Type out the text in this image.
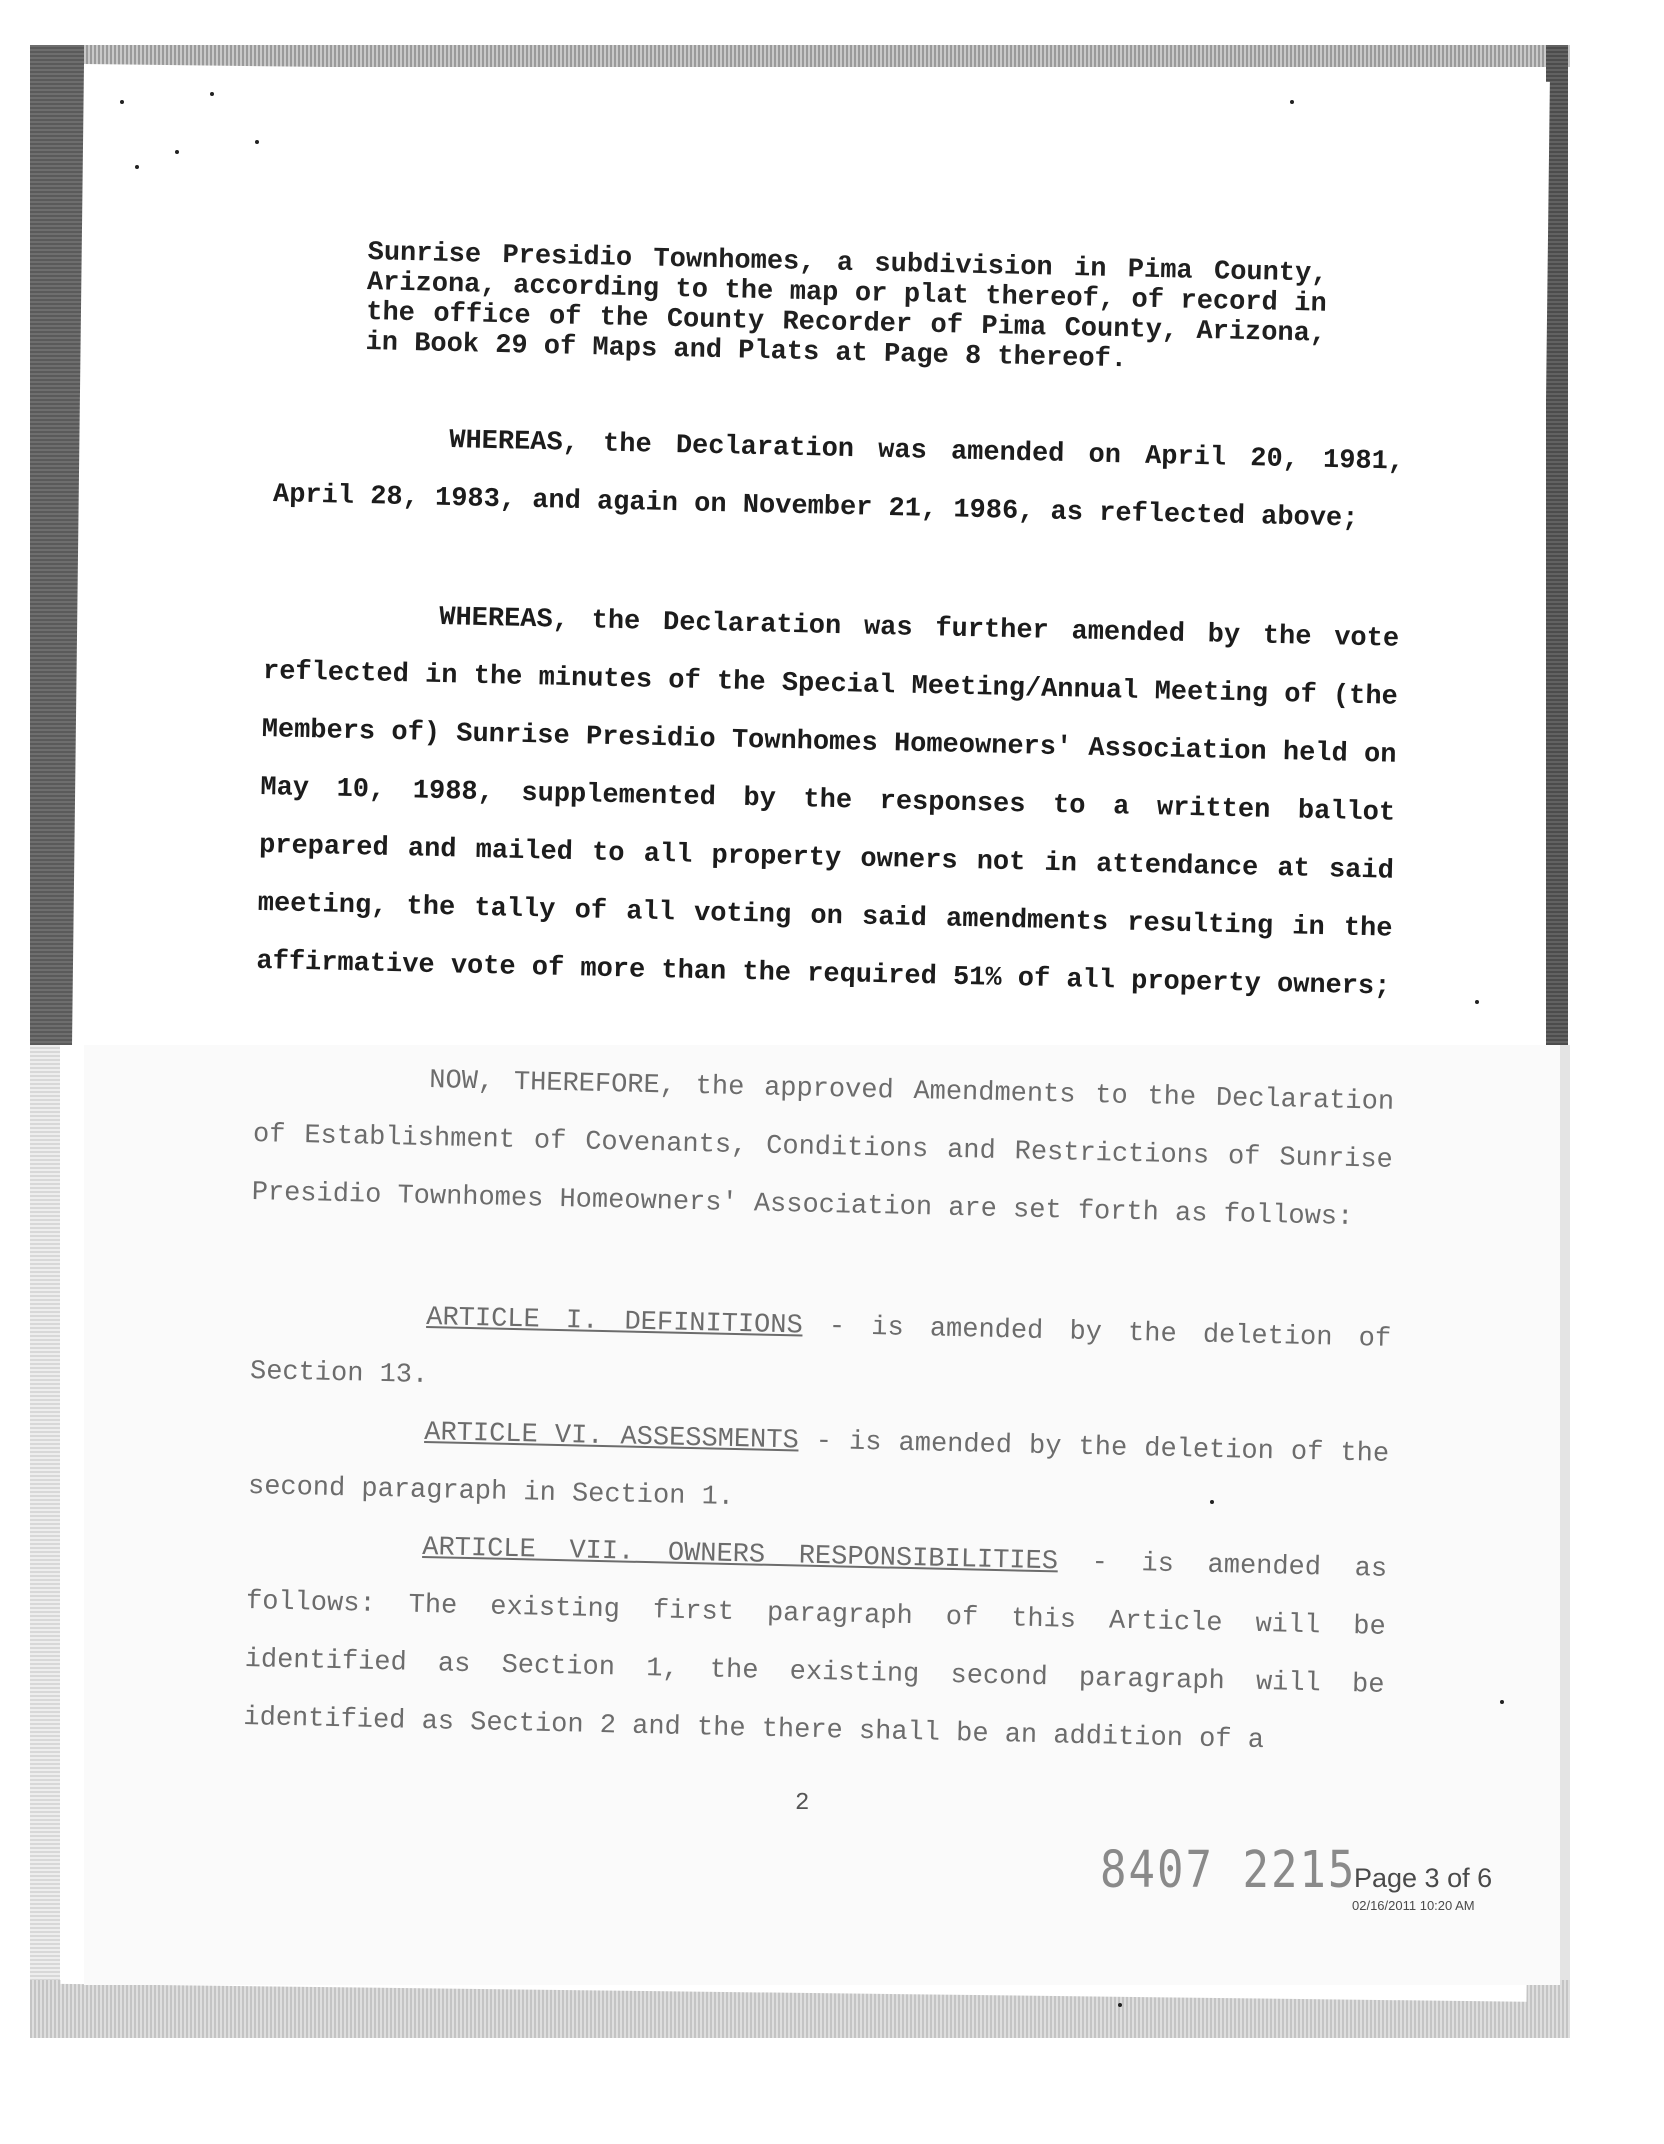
Sunrise Presidio Townhomes, a subdivision in Pima County, Arizona, according to the map or plat thereof, of record in the office of the County Recorder of Pima County, Arizona, in Book 29 of Maps and Plats at Page 8 thereof.
WHEREAS, the Declaration was amended on April 20, 1981, April 28, 1983, and again on November 21, 1986, as reflected above;
WHEREAS, the Declaration was further amended by the vote reflected in the minutes of the Special Meeting/Annual Meeting of (the Members of) Sunrise Presidio Townhomes Homeowners' Association held on May 10, 1988, supplemented by the responses to a written ballot prepared and mailed to all property owners not in attendance at said meeting, the tally of all voting on said amendments resulting in the affirmative vote of more than the required 51% of all property owners;
NOW, THEREFORE, the approved Amendments to the Declaration of Establishment of Covenants, Conditions and Restrictions of Sunrise Presidio Townhomes Homeowners' Association are set forth as follows:
ARTICLE I. DEFINITIONS - is amended by the deletion of Section 13.
ARTICLE VI. ASSESSMENTS - is amended by the deletion of the second paragraph in Section 1.
ARTICLE VII. OWNERS RESPONSIBILITIES - is amended as follows: The existing first paragraph of this Article will be identified as Section 1, the existing second paragraph will be identified as Section 2 and the there shall be an addition of a
2
8407 2215
Page 3 of 6
02/16/2011 10:20 AM
